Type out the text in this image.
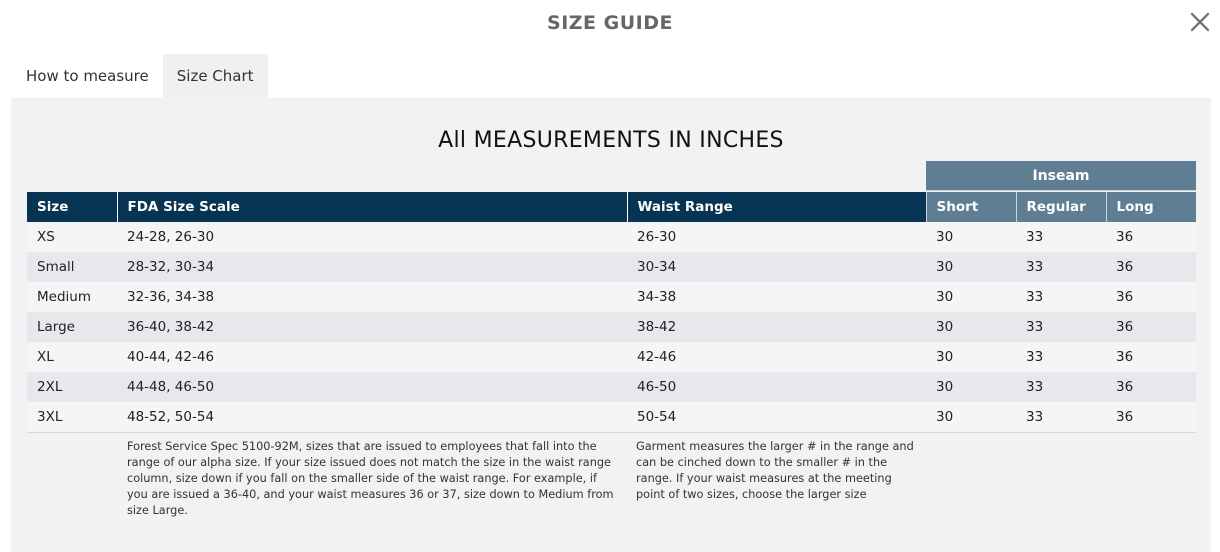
SIZE GUIDE
How to measure	Size Chart
All MEASUREMENTS IN INCHES
Inseam
Size	FDA Size Scale	Waist Range	Short	Regular	Long
XS	24-28, 26-30	26-30	30	33	36
Small	28-32, 30-34	30-34	30	33	36
Medium	32-36, 34-38	34-38	30	33	36
Large	36-40, 38-42	38-42	30	33	36
XL	40-44, 42-46	42-46	30	33	36
2XL	44-48, 46-50	46-50	30	33	36
3XL	48-52, 50-54	50-54	30	33	36
Forest Service Spec 5100-92M, sizes that are issued to employees that fall into the range of our alpha size. If your size issued does not match the size in the waist range column, size down if you fall on the smaller side of the waist range. For example, if you are issued a 36-40, and your waist measures 36 or 37, size down to Medium from size Large.
Garment measures the larger # in the range and can be cinched down to the smaller # in the range. If your waist measures at the meeting point of two sizes, choose the larger size
